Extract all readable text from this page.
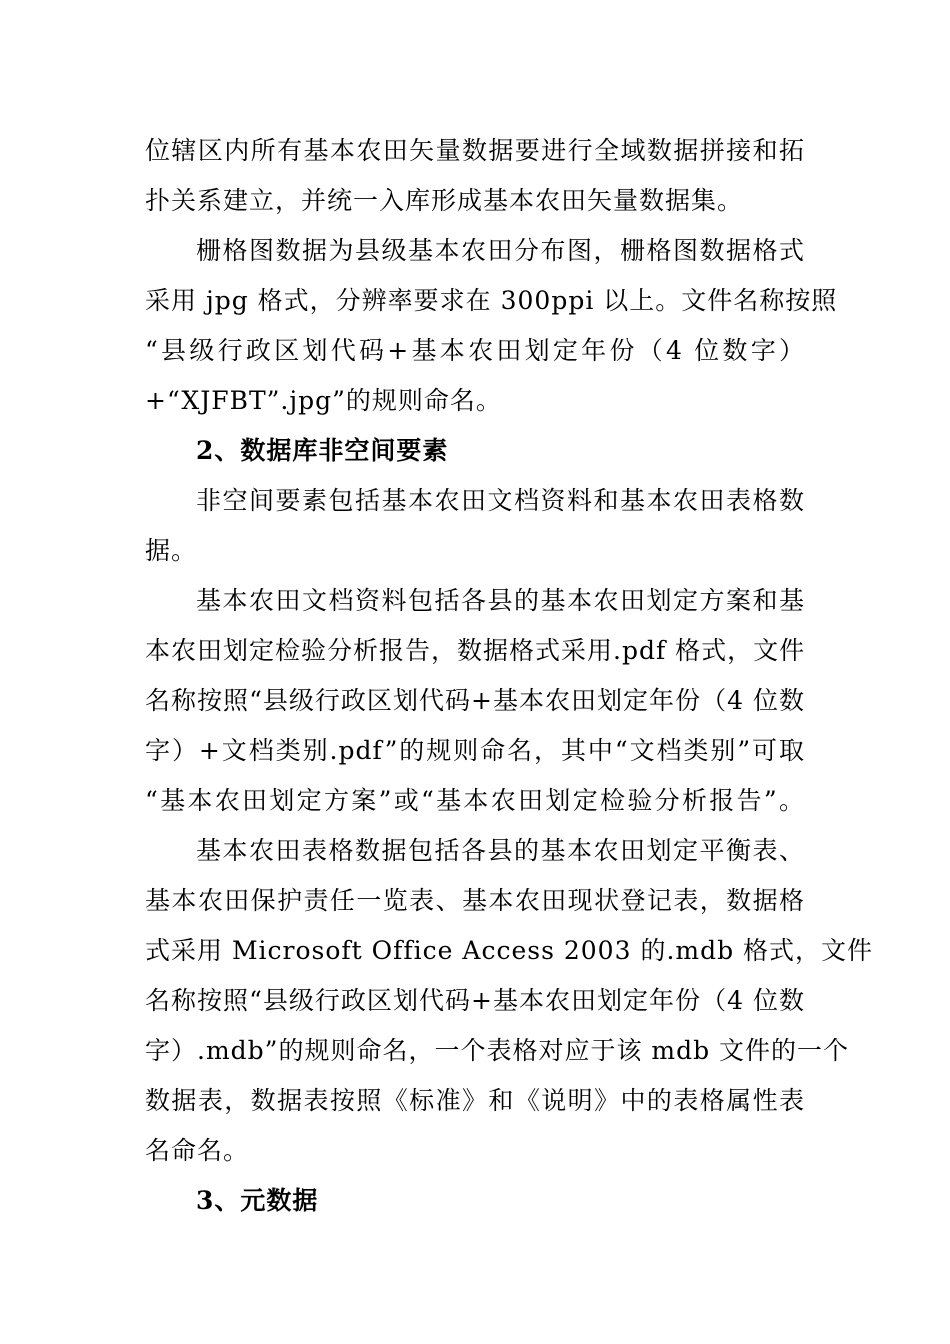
位辖区内所有基本农田矢量数据要进行全域数据拼接和拓
扑关系建立，并统一入库形成基本农田矢量数据集。
栅格图数据为县级基本农田分布图，栅格图数据格式
采用 jpg 格式，分辨率要求在 300ppi 以上。文件名称按照
“县级行政区划代码+基本农田划定年份（4 位数字）
+“XJFBT”.jpg”的规则命名。
2、数据库非空间要素
非空间要素包括基本农田文档资料和基本农田表格数
据。
基本农田文档资料包括各县的基本农田划定方案和基
本农田划定检验分析报告，数据格式采用.pdf 格式，文件
名称按照“县级行政区划代码+基本农田划定年份（4 位数
字）+文档类别.pdf”的规则命名，其中“文档类别”可取
“基本农田划定方案”或“基本农田划定检验分析报告”。
基本农田表格数据包括各县的基本农田划定平衡表、
基本农田保护责任一览表、基本农田现状登记表，数据格
式采用 Microsoft Office Access 2003 的.mdb 格式，文件
名称按照“县级行政区划代码+基本农田划定年份（4 位数
字）.mdb”的规则命名，一个表格对应于该 mdb 文件的一个
数据表，数据表按照《标准》和《说明》中的表格属性表
名命名。
3、元数据
